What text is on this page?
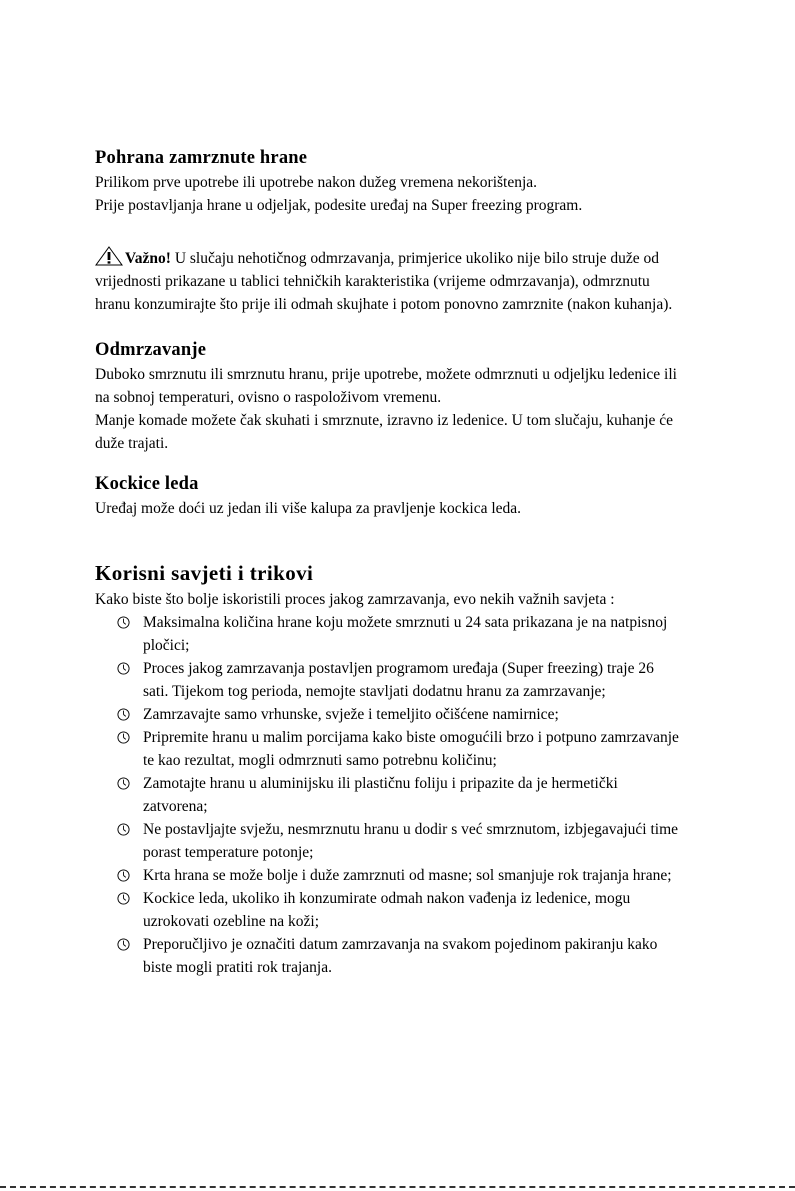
Pohrana zamrznute hrane

Prilikom prve upotrebe ili upotrebe nakon dužeg vremena nekorištenja.

Prije postavljanja hrane u odjeljak, podesite uređaj na Super freezing program.

Važno! U slučaju nehotičnog odmrzavanja, primjerice ukoliko nije bilo struje duže od

vrijednosti prikazane u tablici tehničkih karakteristika (vrijeme odmrzavanja), odmrznutu

hranu konzumirajte što prije ili odmah skujhate i potom ponovno zamrznite (nakon kuhanja).

Odmrzavanje

Duboko smrznutu ili smrznutu hranu, prije upotrebe, možete odmrznuti u odjeljku ledenice ili

na sobnoj temperaturi, ovisno o raspoloživom vremenu.

Manje komade možete čak skuhati i smrznute, izravno iz ledenice. U tom slučaju, kuhanje će

duže trajati.

Kockice leda

Uređaj može doći uz jedan ili više kalupa za pravljenje kockica leda.

Korisni savjeti i trikovi

Kako biste što bolje iskoristili proces jakog zamrzavanja, evo nekih važnih savjeta :

Maksimalna količina hrane koju možete smrznuti u 24 sata prikazana je na natpisnoj
pločici;
Proces jakog zamrzavanja postavljen programom uređaja (Super freezing) traje 26
sati. Tijekom tog perioda, nemojte stavljati dodatnu hranu za zamrzavanje;
Zamrzavajte samo vrhunske, svježe i temeljito očišćene namirnice;
Pripremite hranu u malim porcijama kako biste omogućili brzo i potpuno zamrzavanje
te kao rezultat, mogli odmrznuti samo potrebnu količinu;
Zamotajte hranu u aluminijsku ili plastičnu foliju i pripazite da je hermetički
zatvorena;
Ne postavljajte svježu, nesmrznutu hranu u dodir s već smrznutom, izbjegavajući time
porast temperature potonje;
Krta hrana se može bolje i duže zamrznuti od masne; sol smanjuje rok trajanja hrane;
Kockice leda, ukoliko ih konzumirate odmah nakon vađenja iz ledenice, mogu
uzrokovati ozebline na koži;
Preporučljivo je označiti datum zamrzavanja na svakom pojedinom pakiranju kako
biste mogli pratiti rok trajanja.
